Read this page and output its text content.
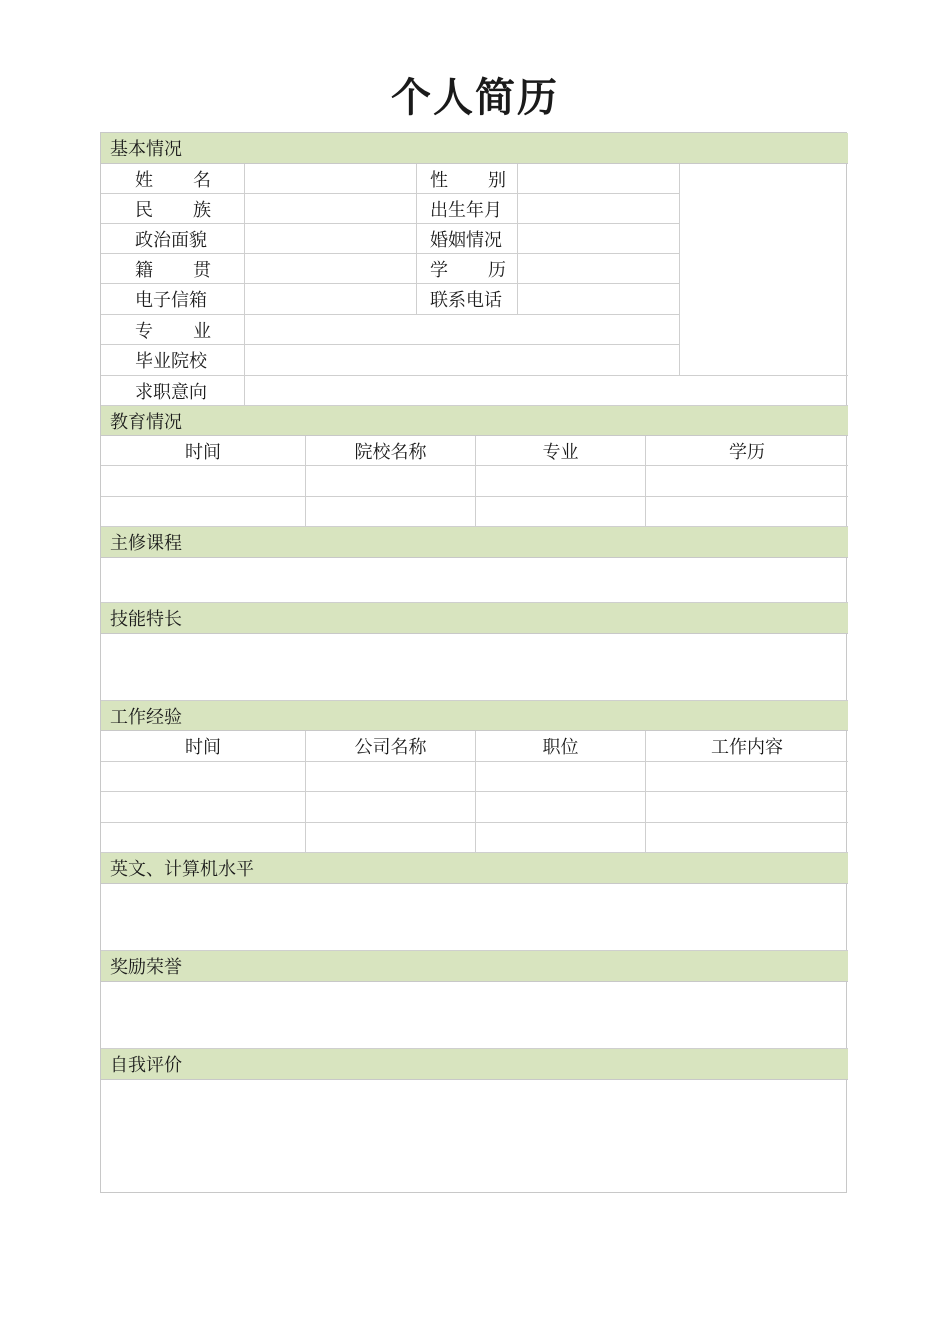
个人简历
基本情况
姓 名	性 别
民 族	出生年月
政治面貌	婚姻情况
籍 贯	学 历
电子信箱	联系电话
专 业
毕业院校
求职意向
教育情况
时间	院校名称	专业	学历
主修课程
技能特长
工作经验
时间	公司名称	职位	工作内容
英文、计算机水平
奖励荣誉
自我评价
